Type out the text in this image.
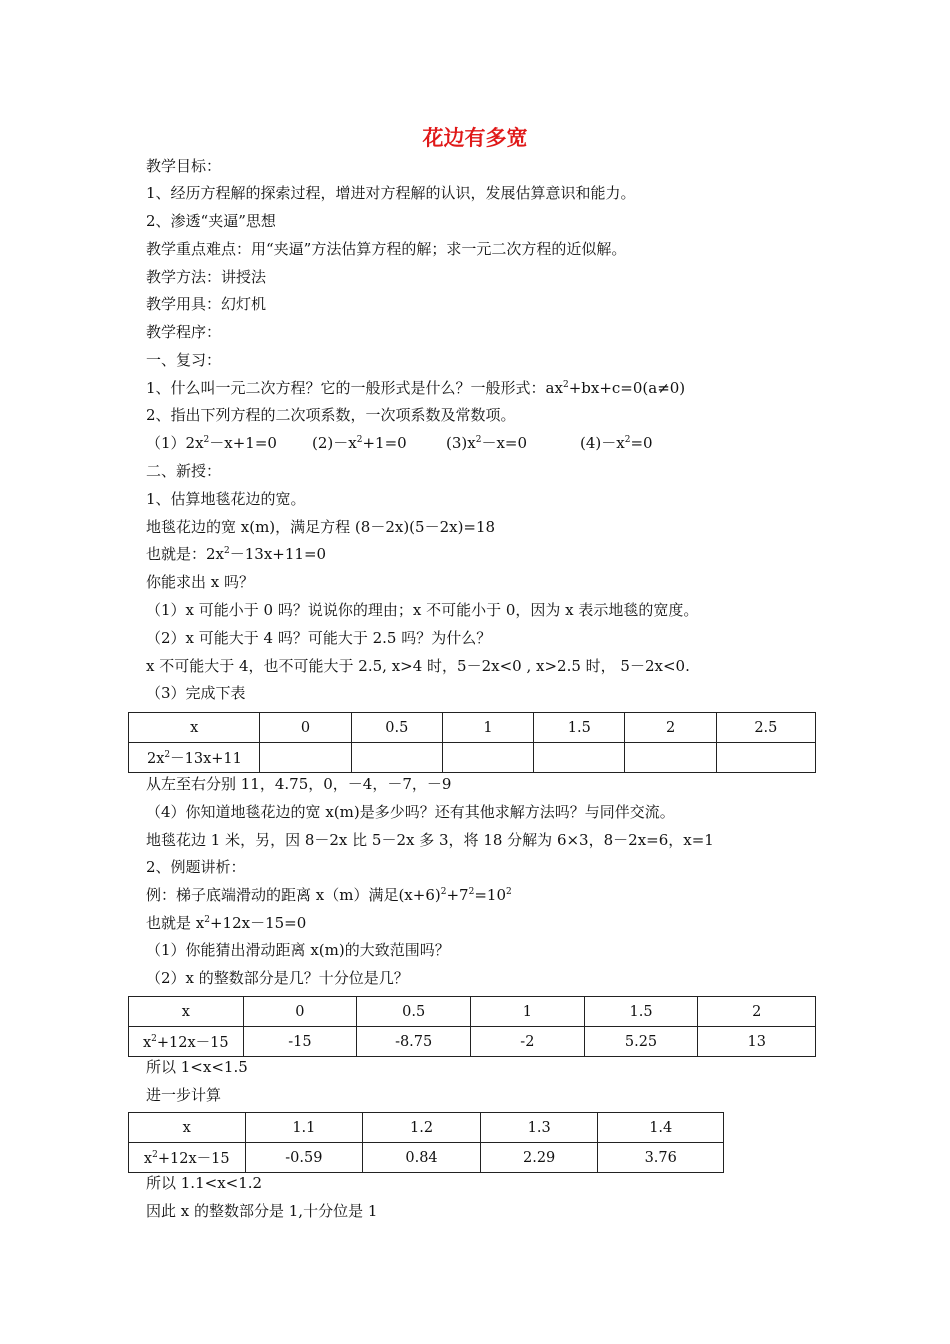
花边有多宽
教学目标：
1、经历方程解的探索过程，增进对方程解的认识，发展估算意识和能力。
2、渗透“夹逼”思想
教学重点难点：用“夹逼”方法估算方程的解；求一元二次方程的近似解。
教学方法：讲授法
教学用具：幻灯机
教学程序：
一、复习：
1、什么叫一元二次方程？它的一般形式是什么？一般形式：$ax^2+bx+c=0(a\ne 0)$
2、指出下列方程的二次项系数，一次项系数及常数项。
$(1)2x^2-x+1=0$ $(2)-x^2+1=0$	$(3)x^2-x=0$	$(4)-x^2=0$
二、新授：
1、估算地毯花边的宽。
地毯花边的宽 x(m)，满足方程 (8－2x)(5－2x)=18
也就是：$2x^2-13x+11=0$
你能求出 x 吗？
（1）x 可能小于 0 吗？说说你的理由；x 不可能小于 0，因为 x 表示地毯的宽度。
（2）x 可能大于 4 吗？可能大于 2.5 吗？为什么？
x 不可能大于 4，也不可能大于 2.5, x>4 时，5－2x<0 , x>2.5 时， 5－2x<0.
（3）完成下表
x	0	0.5	1	1.5	2	2.5
$2x^2-13x+11$						
从左至右分别 11，4.75，0，－4，－7，－9
（4）你知道地毯花边的宽 x(m)是多少吗？还有其他求解方法吗？与同伴交流。
地毯花边 1 米，另，因 8－2x 比 5－2x 多 3，将 18 分解为 6×3，8－2x=6，x=1
2、例题讲析：
例：梯子底端滑动的距离 x（m）满足$(x+6)^2+7^2=10^2$
也就是 $x^2+12x-15=0$
（1）你能猜出滑动距离 x(m)的大致范围吗？
（2）x 的整数部分是几？十分位是几？
x	0	0.5	1	1.5	2
$x^2+12x-15$	-15	-8.75	-2	5.25	13
所以 1<x<1.5
进一步计算
x	1.1	1.2	1.3	1.4
$x^2+12x-15$	-0.59	0.84	2.29	3.76
所以 1.1<x<1.2
因此 x 的整数部分是 1,十分位是 1
